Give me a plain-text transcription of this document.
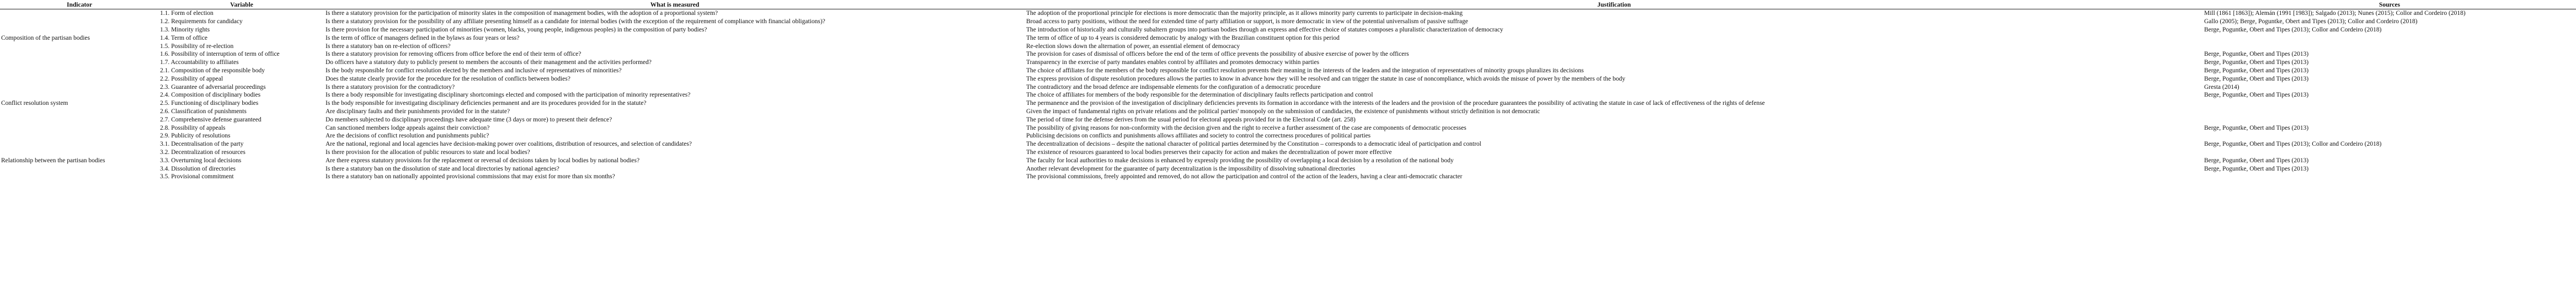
Indicator	Variable	What is measured	Justification	Sources
	1.1. Form of election	Is there a statutory provision for the participation of minority slates in the composition of management bodies, with the adoption of a proportional system?	The adoption of the proportional principle for elections is more democratic than the majority principle, as it allows minority party currents to participate in decision-making	Mill (1861 [1863]); Alemán (1991 [1983]); Salgado (2013); Nunes (2015); Collor and Cordeiro (2018)
	1.2. Requirements for candidacy	Is there a statutory provision for the possibility of any affiliate presenting himself as a candidate for internal bodies (with the exception of the requirement of compliance with financial obligations)?	Broad access to party positions, without the need for extended time of party affiliation or support, is more democratic in view of the potential universalism of passive suffrage	Gallo (2005); Berge, Poguntke, Obert and Tipes (2013); Collor and Cordeiro (2018)
	1.3. Minority rights	Is there provision for the necessary participation of minorities (women, blacks, young people, indigenous peoples) in the composition of party bodies?	The introduction of historically and culturally subaltern groups into partisan bodies through an express and effective choice of statutes composes a pluralistic characterization of democracy	Berge, Poguntke, Obert and Tipes (2013); Collor and Cordeiro (2018)
Composition of the partisan bodies	1.4. Term of office	Is the term of office of managers defined in the bylaws as four years or less?	The term of office of up to 4 years is considered democratic by analogy with the Brazilian constituent option for this period	
	1.5. Possibility of re-election	Is there a statutory ban on re-election of officers?	Re-election slows down the alternation of power, an essential element of democracy	
	1.6. Possibility of interruption of term of office	Is there a statutory provision for removing officers from office before the end of their term of office?	The provision for cases of dismissal of officers before the end of the term of office prevents the possibility of abusive exercise of power by the officers	Berge, Poguntke, Obert and Tipes (2013)
	1.7. Accountability to affiliates	Do officers have a statutory duty to publicly present to members the accounts of their management and the activities performed?	Transparency in the exercise of party mandates enables control by affiliates and promotes democracy within parties	Berge, Poguntke, Obert and Tipes (2013)
	2.1. Composition of the responsible body	Is the body responsible for conflict resolution elected by the members and inclusive of representatives of minorities?	The choice of affiliates for the members of the body responsible for conflict resolution prevents their meaning in the interests of the leaders and the integration of representatives of minority groups pluralizes its decisions	Berge, Poguntke, Obert and Tipes (2013)
	2.2. Possibility of appeal	Does the statute clearly provide for the procedure for the resolution of conflicts between bodies?	The express provision of dispute resolution procedures allows the parties to know in advance how they will be resolved and can trigger the statute in case of noncompliance, which avoids the misuse of power by the members of the body	Berge, Poguntke, Obert and Tipes (2013)
	2.3. Guarantee of adversarial proceedings	Is there a statutory provision for the contradictory?	The contradictory and the broad defence are indispensable elements for the configuration of a democratic procedure	Gresta (2014)
	2.4. Composition of disciplinary bodies	Is there a body responsible for investigating disciplinary shortcomings elected and composed with the participation of minority representatives?	The choice of affiliates for members of the body responsible for the determination of disciplinary faults reflects participation and control	Berge, Poguntke, Obert and Tipes (2013)
Conflict resolution system	2.5. Functioning of disciplinary bodies	Is the body responsible for investigating disciplinary deficiencies permanent and are its procedures provided for in the statute?	The permanence and the provision of the investigation of disciplinary deficiencies prevents its formation in accordance with the interests of the leaders and the provision of the procedure guarantees the possibility of activating the statute in case of lack of effectiveness of the rights of defense	
	2.6. Classification of punishments	Are disciplinary faults and their punishments provided for in the statute?	Given the impact of fundamental rights on private relations and the political parties' monopoly on the submission of candidacies, the existence of punishments without strictly definition is not democratic	
	2.7. Comprehensive defense guaranteed	Do members subjected to disciplinary proceedings have adequate time (3 days or more) to present their defence?	The period of time for the defense derives from the usual period for electoral appeals provided for in the Electoral Code (art. 258)	
	2.8. Possibility of appeals	Can sanctioned members lodge appeals against their conviction?	The possibility of giving reasons for non-conformity with the decision given and the right to receive a further assessment of the case are components of democratic processes	Berge, Poguntke, Obert and Tipes (2013)
	2.9. Publicity of resolutions	Are the decisions of conflict resolution and punishments public?	Publicising decisions on conflicts and punishments allows affiliates and society to control the correctness procedures of political parties	
	3.1. Decentralisation of the party	Are the national, regional and local agencies have decision-making power over coalitions, distribution of resources, and selection of candidates?	The decentralization of decisions – despite the national character of political parties determined by the Constitution – corresponds to a democratic ideal of participation and control	Berge, Poguntke, Obert and Tipes (2013); Collor and Cordeiro (2018)
	3.2. Decentralization of resources	Is there provision for the allocation of public resources to state and local bodies?	The existence of resources guaranteed to local bodies preserves their capacity for action and makes the decentralization of power more effective	
Relationship between the partisan bodies	3.3. Overturning local decisions	Are there express statutory provisions for the replacement or reversal of decisions taken by local bodies by national bodies?	The faculty for local authorities to make decisions is enhanced by expressly providing the possibility of overlapping a local decision by a resolution of the national body	Berge, Poguntke, Obert and Tipes (2013)
	3.4. Dissolution of directories	Is there a statutory ban on the dissolution of state and local directories by national agencies?	Another relevant development for the guarantee of party decentralization is the impossibility of dissolving subnational directories	Berge, Poguntke, Obert and Tipes (2013)
	3.5. Provisional commitment	Is there a statutory ban on nationally appointed provisional commissions that may exist for more than six months?	The provisional commissions, freely appointed and removed, do not allow the participation and control of the action of the leaders, having a clear anti-democratic character	
